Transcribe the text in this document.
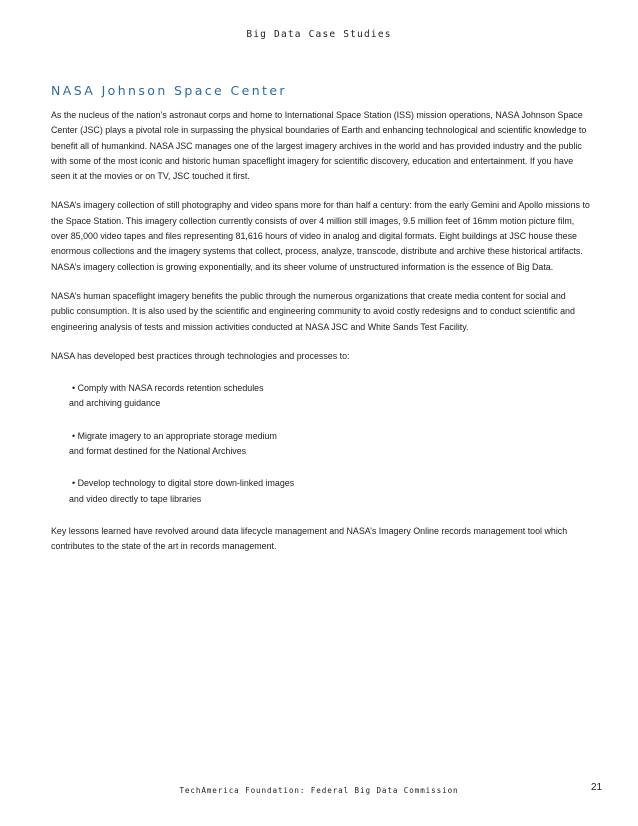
Big Data Case Studies
NASA Johnson Space Center

As the nucleus of the nation’s astronaut corps and home to International Space Station (ISS) mission operations, NASA Johnson Space Center (JSC) plays a pivotal role in surpassing the physical boundaries of Earth and enhancing technological and scientific knowledge to benefit all of humankind. NASA JSC manages one of the largest imagery archives in the world and has provided industry and the public with some of the most iconic and historic human spaceflight imagery for scientific discovery, education and entertainment. If you have seen it at the movies or on TV, JSC touched it first.

NASA’s imagery collection of still photography and video spans more for than half a century: from the early Gemini and Apollo missions to the Space Station. This imagery collection currently consists of over 4 million still images, 9.5 million feet of 16mm motion picture film, over 85,000 video tapes and files representing 81,616 hours of video in analog and digital formats. Eight buildings at JSC house these enormous collections and the imagery systems that collect, process, analyze, transcode, distribute and archive these historical artifacts. NASA’s imagery collection is growing exponentially, and its sheer volume of unstructured information is the essence of Big Data.

NASA’s human spaceflight imagery benefits the public through the numerous organizations that create media content for social and public consumption. It is also used by the scientific and engineering community to avoid costly redesigns and to conduct scientific and engineering analysis of tests and mission activities conducted at NASA JSC and White Sands Test Facility.

NASA has developed best practices through technologies and processes to:

• Comply with NASA records retention schedules
and archiving guidance
• Migrate imagery to an appropriate storage medium
and format destined for the National Archives
• Develop technology to digital store down-linked images
and video directly to tape libraries

Key lessons learned have revolved around data lifecycle management and NASA’s Imagery Online records management tool which contributes to the state of the art in records management.

TechAmerica Foundation: Federal Big Data Commission	21
